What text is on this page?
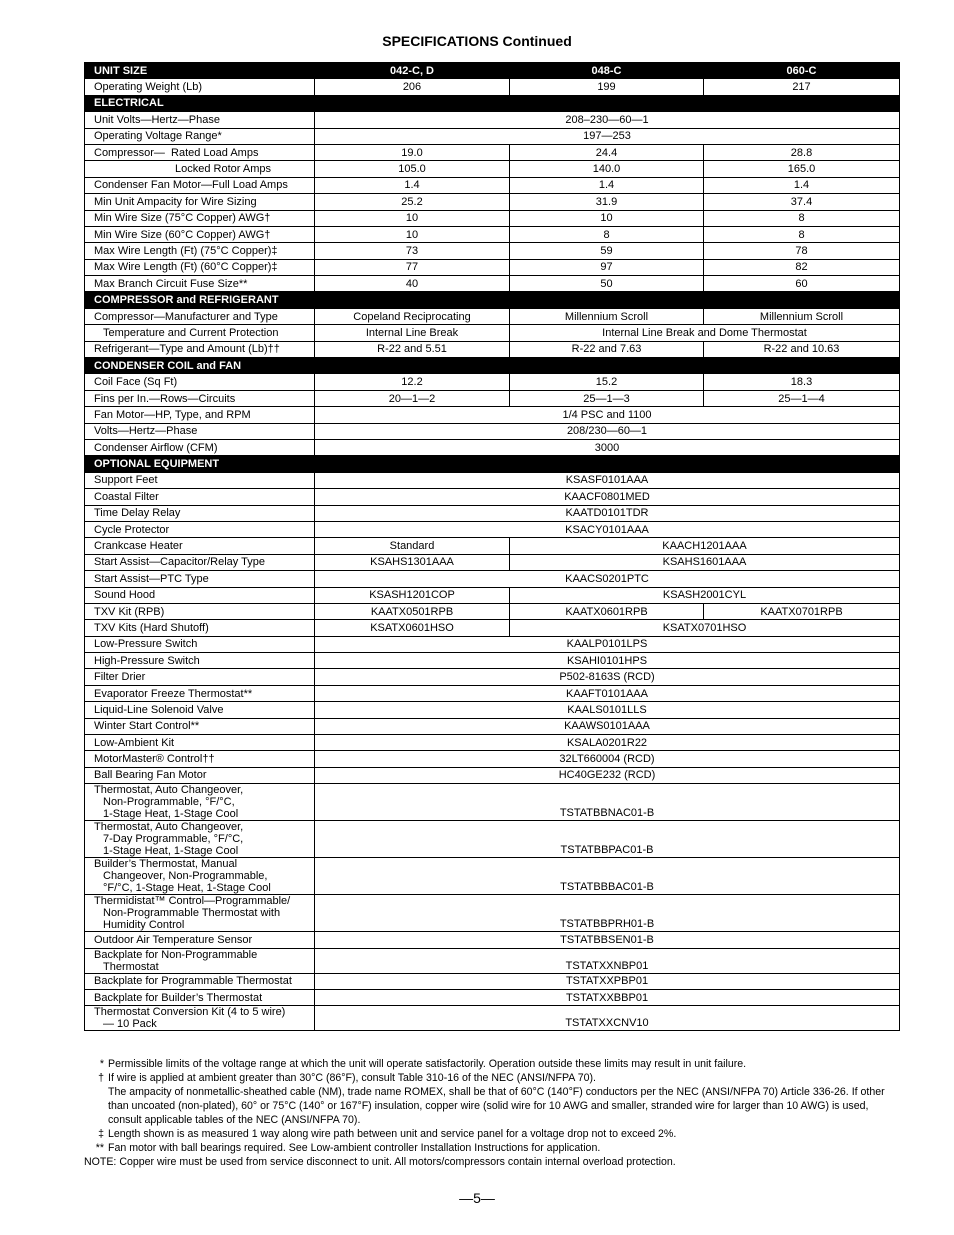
SPECIFICATIONS Continued
UNIT SIZE	042-C, D	048-C	060-C
Operating Weight (Lb)	206	199	217
ELECTRICAL			
Unit Volts—Hertz—Phase	208–230—60—1		
Operating Voltage Range*	197—253		
Compressor—  Rated Load Amps	19.0	24.4	28.8
Locked Rotor Amps	105.0	140.0	165.0
Condenser Fan Motor—Full Load Amps	1.4	1.4	1.4
Min Unit Ampacity for Wire Sizing	25.2	31.9	37.4
Min Wire Size (75°C Copper) AWG†	10	10	8
Min Wire Size (60°C Copper) AWG†	10	8	8
Max Wire Length (Ft) (75°C Copper)‡	73	59	78
Max Wire Length (Ft) (60°C Copper)‡	77	97	82
Max Branch Circuit Fuse Size**	40	50	60
COMPRESSOR and REFRIGERANT			
Compressor—Manufacturer and Type	Copeland Reciprocating	Millennium Scroll	Millennium Scroll
Temperature and Current Protection	Internal Line Break	Internal Line Break and Dome Thermostat	
Refrigerant—Type and Amount (Lb)††	R-22 and 5.51	R-22 and 7.63	R-22 and 10.63
CONDENSER COIL and FAN			
Coil Face (Sq Ft)	12.2	15.2	18.3
Fins per In.—Rows—Circuits	20—1—2	25—1—3	25—1—4
Fan Motor—HP, Type, and RPM	1/4 PSC and 1100		
Volts—Hertz—Phase	208/230—60—1		
Condenser Airflow (CFM)	3000		
OPTIONAL EQUIPMENT			
Support Feet	KSASF0101AAA		
Coastal Filter	KAACF0801MED		
Time Delay Relay	KAATD0101TDR		
Cycle Protector	KSACY0101AAA		
Crankcase Heater	Standard	KAACH1201AAA	
Start Assist—Capacitor/Relay Type	KSAHS1301AAA	KSAHS1601AAA	
Start Assist—PTC Type	KAACS0201PTC		
Sound Hood	KSASH1201COP	KSASH2001CYL	
TXV Kit (RPB)	KAATX0501RPB	KAATX0601RPB	KAATX0701RPB
TXV Kits (Hard Shutoff)	KSATX0601HSO	KSATX0701HSO	
Low-Pressure Switch	KAALP0101LPS		
High-Pressure Switch	KSAHI0101HPS		
Filter Drier	P502-8163S (RCD)		
Evaporator Freeze Thermostat**	KAAFT0101AAA		
Liquid-Line Solenoid Valve	KAALS0101LLS		
Winter Start Control**	KAAWS0101AAA		
Low-Ambient Kit	KSALA0201R22		
MotorMaster® Control††	32LT660004 (RCD)		
Ball Bearing Fan Motor	HC40GE232 (RCD)		

Thermostat, Auto Changeover,
Non-Programmable, °F/°C,
1-Stage Heat, 1-Stage Cool	TSTATBBNAC01-B		

Thermostat, Auto Changeover,
7-Day Programmable, °F/°C,
1-Stage Heat, 1-Stage Cool	TSTATBBPAC01-B		

Builder’s Thermostat, Manual
Changeover, Non-Programmable,
°F/°C, 1-Stage Heat, 1-Stage Cool	TSTATBBBAC01-B		

Thermidistat™ Control—Programmable/
Non-Programmable Thermostat with
Humidity Control	TSTATBBPRH01-B		
Outdoor Air Temperature Sensor	TSTATBBSEN01-B		

Backplate for Non-Programmable
Thermostat	TSTATXXNBP01		
Backplate for Programmable Thermostat	TSTATXXPBP01		
Backplate for Builder’s Thermostat	TSTATXXBBP01		

Thermostat Conversion Kit (4 to 5 wire)
— 10 Pack	TSTATXXCNV10		
* Permissible limits of the voltage range at which the unit will operate satisfactorily. Operation outside these limits may result in unit failure.
† If wire is applied at ambient greater than 30°C (86°F), consult Table 310-16 of the NEC (ANSI/NFPA 70).
The ampacity of nonmetallic-sheathed cable (NM), trade name ROMEX, shall be that of 60°C (140°F) conductors per the NEC (ANSI/NFPA 70) Article 336-26. If other than uncoated (non-plated), 60° or 75°C (140° or 167°F) insulation, copper wire (solid wire for 10 AWG and smaller, stranded wire for larger than 10 AWG) is used, consult applicable tables of the NEC (ANSI/NFPA 70).
‡ Length shown is as measured 1 way along wire path between unit and service panel for a voltage drop not to exceed 2%.
** Fan motor with ball bearings required. See Low-ambient controller Installation Instructions for application.
NOTE: Copper wire must be used from service disconnect to unit. All motors/compressors contain internal overload protection.
—5—
